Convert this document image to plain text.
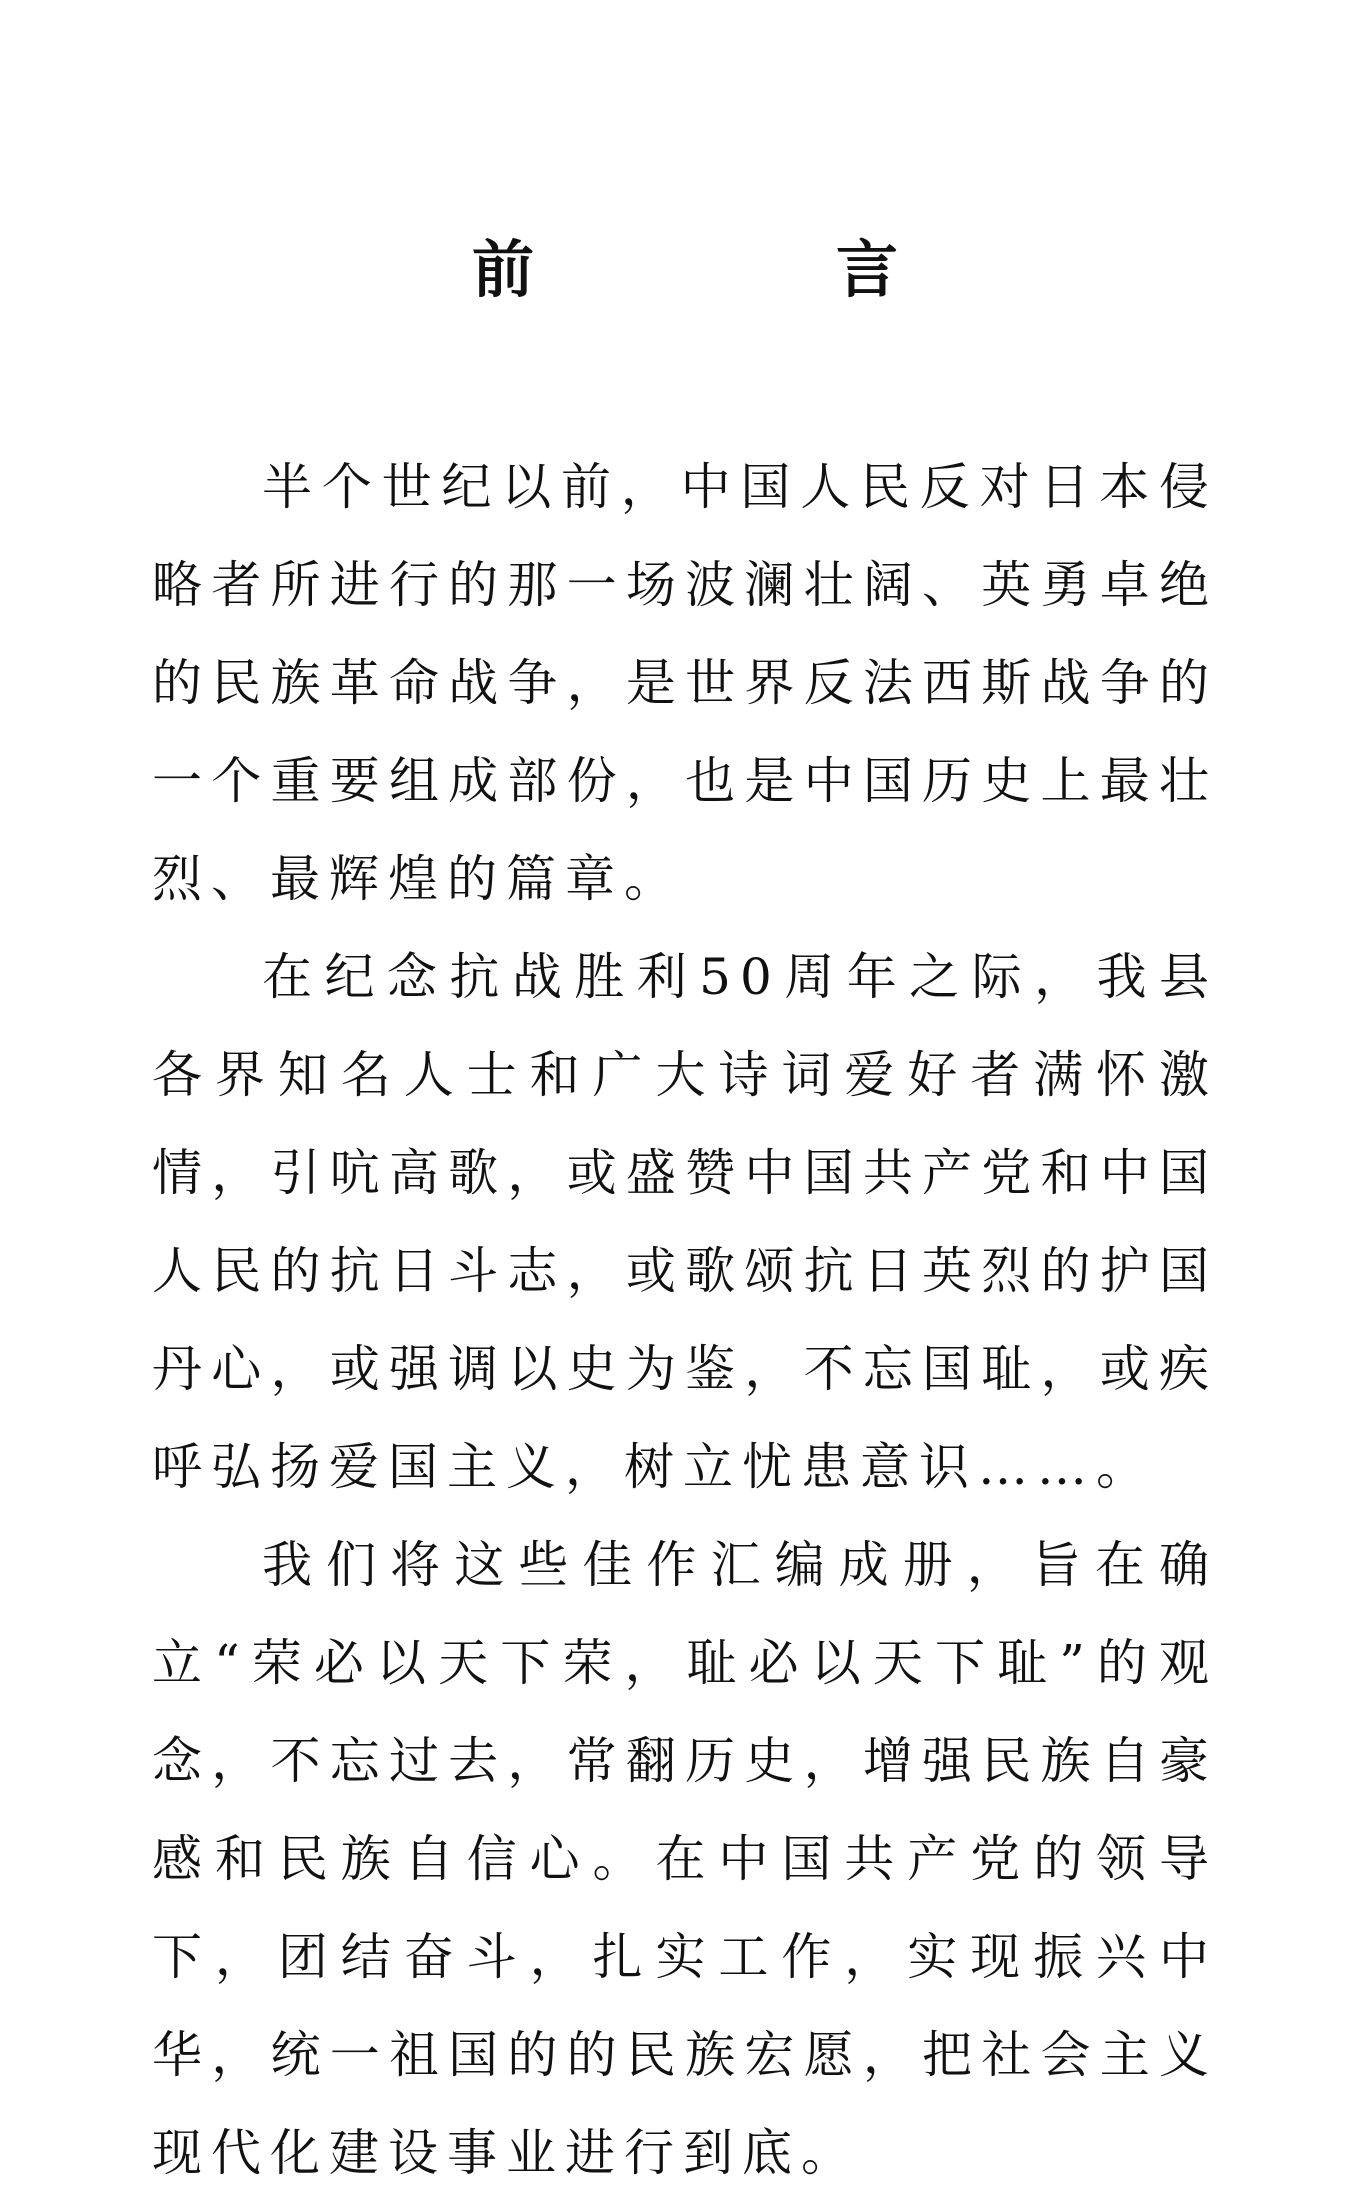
前　言

半个世纪以前，中国人民反对日本侵略者所进行的那一场波澜壮阔、英勇卓绝的民族革命战争，是世界反法西斯战争的一个重要组成部份，也是中国历史上最壮烈、最辉煌的篇章。

在纪念抗战胜利50周年之际，我县各界知名人士和广大诗词爱好者满怀激情，引吭高歌，或盛赞中国共产党和中国人民的抗日斗志，或歌颂抗日英烈的护国丹心，或强调以史为鉴，不忘国耻，或疾呼弘扬爱国主义，树立忧患意识……。

我们将这些佳作汇编成册，旨在确立“荣必以天下荣，耻必以天下耻”的观念，不忘过去，常翻历史，增强民族自豪感和民族自信心。在中国共产党的领导下，团结奋斗，扎实工作，实现振兴中华，统一祖国的的民族宏愿，把社会主义现代化建设事业进行到底。
